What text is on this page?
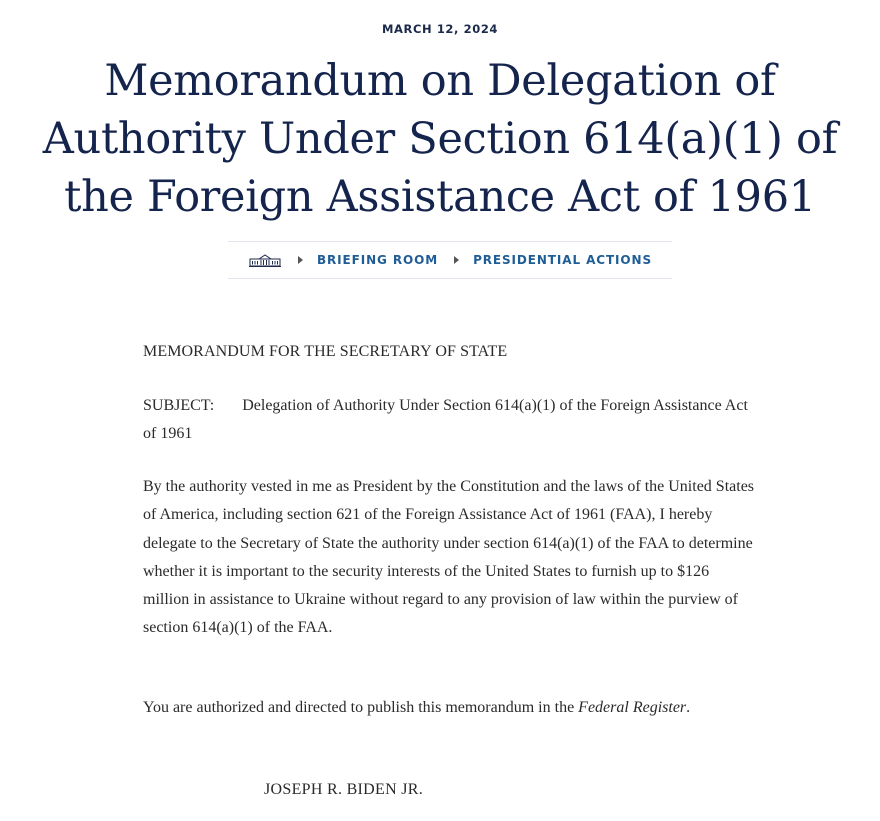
MARCH 12, 2024
Memorandum on Delegation of Authority Under Section 614(a)(1) of the Foreign Assistance Act of 1961
BRIEFING ROOM	PRESIDENTIAL ACTIONS

MEMORANDUM FOR THE SECRETARY OF STATE

SUBJECT: Delegation of Authority Under Section 614(a)(1) of the Foreign Assistance Act of 1961

By the authority vested in me as President by the Constitution and the laws of the United States of America, including section 621 of the Foreign Assistance Act of 1961 (FAA), I hereby delegate to the Secretary of State the authority under section 614(a)(1) of the FAA to determine whether it is important to the security interests of the United States to furnish up to $126 million in assistance to Ukraine without regard to any provision of law within the purview of section 614(a)(1) of the FAA.

You are authorized and directed to publish this memorandum in the Federal Register.

JOSEPH R. BIDEN JR.
